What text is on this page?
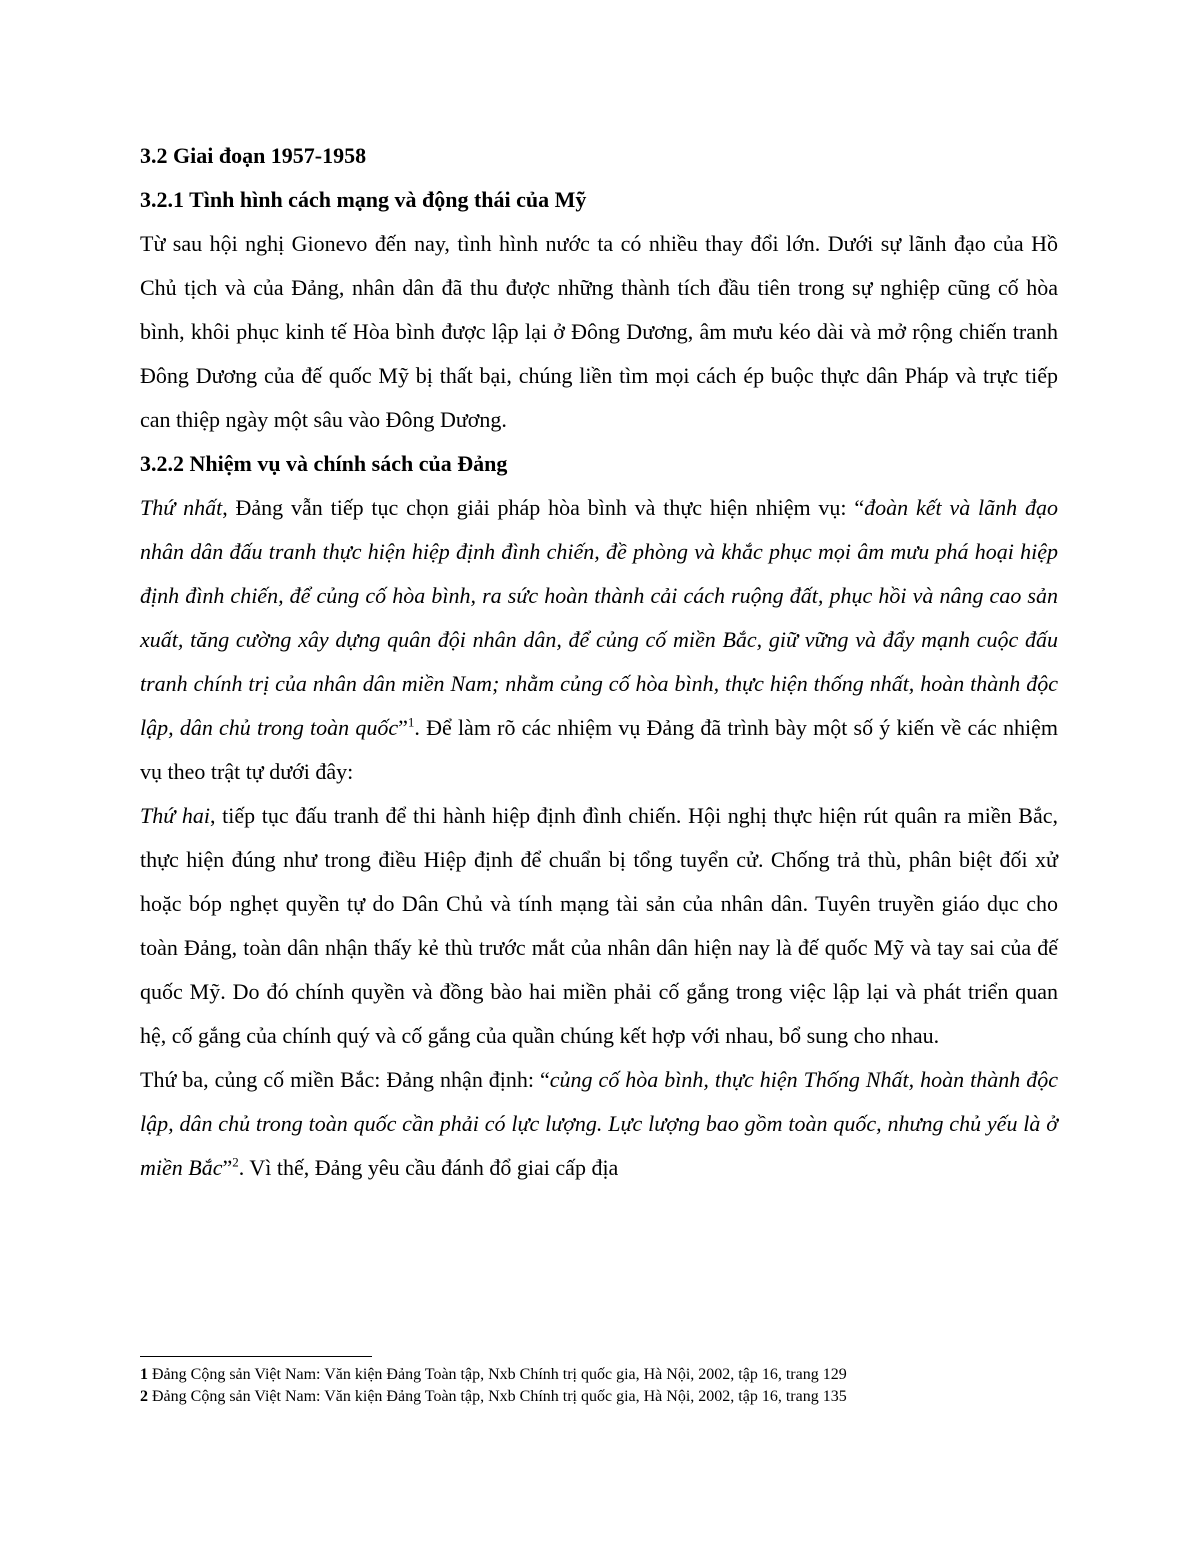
3.2 Giai đoạn 1957-1958
3.2.1 Tình hình cách mạng và động thái của Mỹ

Từ sau hội nghị Gionevo đến nay, tình hình nước ta có nhiều thay đổi lớn. Dưới sự lãnh đạo của Hồ Chủ tịch và của Đảng, nhân dân đã thu được những thành tích đầu tiên trong sự nghiệp cũng cố hòa bình, khôi phục kinh tế Hòa bình được lập lại ở Đông Dương, âm mưu kéo dài và mở rộng chiến tranh Đông Dương của đế quốc Mỹ bị thất bại, chúng liền tìm mọi cách ép buộc thực dân Pháp và trực tiếp can thiệp ngày một sâu vào Đông Dương.

3.2.2 Nhiệm vụ và chính sách của Đảng

Thứ nhất, Đảng vẫn tiếp tục chọn giải pháp hòa bình và thực hiện nhiệm vụ: “đoàn kết và lãnh đạo nhân dân đấu tranh thực hiện hiệp định đình chiến, đề phòng và khắc phục mọi âm mưu phá hoại hiệp định đình chiến, để củng cố hòa bình, ra sức hoàn thành cải cách ruộng đất, phục hồi và nâng cao sản xuất, tăng cường xây dựng quân đội nhân dân, để củng cố miền Bắc, giữ vững và đẩy mạnh cuộc đấu tranh chính trị của nhân dân miền Nam; nhằm củng cố hòa bình, thực hiện thống nhất, hoàn thành độc lập, dân chủ trong toàn quốc”$^1$. Để làm rõ các nhiệm vụ Đảng đã trình bày một số ý kiến về các nhiệm vụ theo trật tự dưới đây:

Thứ hai, tiếp tục đấu tranh để thi hành hiệp định đình chiến. Hội nghị thực hiện rút quân ra miền Bắc, thực hiện đúng như trong điều Hiệp định để chuẩn bị tổng tuyển cử. Chống trả thù, phân biệt đối xử hoặc bóp nghẹt quyền tự do Dân Chủ và tính mạng tài sản của nhân dân. Tuyên truyền giáo dục cho toàn Đảng, toàn dân nhận thấy kẻ thù trước mắt của nhân dân hiện nay là đế quốc Mỹ và tay sai của đế quốc Mỹ. Do đó chính quyền và đồng bào hai miền phải cố gắng trong việc lập lại và phát triển quan hệ, cố gắng của chính quý và cố gắng của quần chúng kết hợp với nhau, bổ sung cho nhau.

Thứ ba, củng cố miền Bắc: Đảng nhận định: “củng cố hòa bình, thực hiện Thống Nhất, hoàn thành độc lập, dân chủ trong toàn quốc cần phải có lực lượng. Lực lượng bao gồm toàn quốc, nhưng chủ yếu là ở miền Bắc”$^2$. Vì thế, Đảng yêu cầu đánh đổ giai cấp địa

1 Đảng Cộng sản Việt Nam: Văn kiện Đảng Toàn tập, Nxb Chính trị quốc gia, Hà Nội, 2002, tập 16, trang 129
2 Đảng Cộng sản Việt Nam: Văn kiện Đảng Toàn tập, Nxb Chính trị quốc gia, Hà Nội, 2002, tập 16, trang 135
